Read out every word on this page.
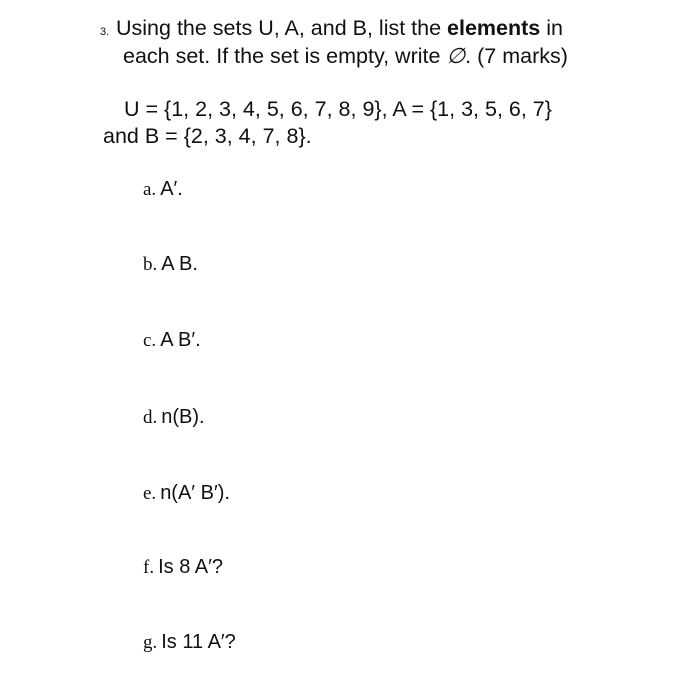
3. Using the sets U, A, and B, list the elements in
each set. If the set is empty, write ∅. (7 marks)
U = {1, 2, 3, 4, 5, 6, 7, 8, 9}, A = {1, 3, 5, 6, 7}
and B = {2, 3, 4, 7, 8}.
a. A′.
b. A B.
c. A B′.
d. n(B).
e. n(A′ B′).
f. Is 8 A′?
g. Is 11 A′?
